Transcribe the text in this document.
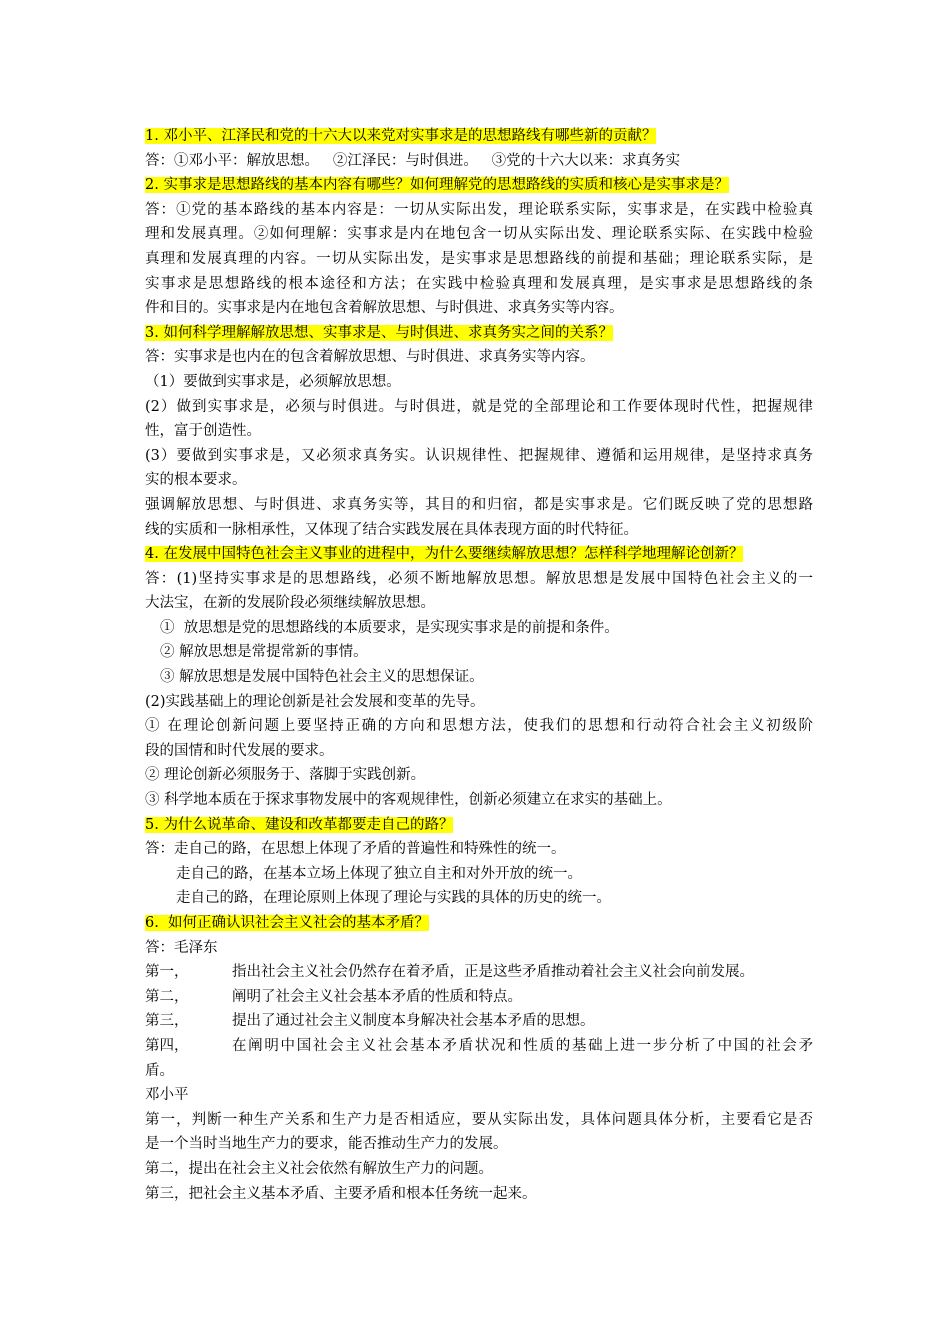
1. 邓小平、江泽民和党的十六大以来党对实事求是的思想路线有哪些新的贡献？
答：①邓小平：解放思想。   ②江泽民：与时俱进。   ③党的十六大以来：求真务实
2. 实事求是思想路线的基本内容有哪些？如何理解党的思想路线的实质和核心是实事求是？
答：①党的基本路线的基本内容是：一切从实际出发，理论联系实际，实事求是，在实践中检验真
理和发展真理。②如何理解：实事求是内在地包含一切从实际出发、理论联系实际、在实践中检验
真理和发展真理的内容。一切从实际出发，是实事求是思想路线的前提和基础；理论联系实际，是
实事求是思想路线的根本途径和方法；在实践中检验真理和发展真理，是实事求是思想路线的条
件和目的。实事求是内在地包含着解放思想、与时俱进、求真务实等内容。
3. 如何科学理解解放思想、实事求是、与时俱进、求真务实之间的关系？
答：实事求是也内在的包含着解放思想、与时俱进、求真务实等内容。
（1）要做到实事求是，必须解放思想。
(2）做到实事求是，必须与时俱进。与时俱进，就是党的全部理论和工作要体现时代性，把握规律
性，富于创造性。
(3）要做到实事求是，又必须求真务实。认识规律性、把握规律、遵循和运用规律，是坚持求真务
实的根本要求。
强调解放思想、与时俱进、求真务实等，其目的和归宿，都是实事求是。它们既反映了党的思想路
线的实质和一脉相承性，又体现了结合实践发展在具体表现方面的时代特征。
4. 在发展中国特色社会主义事业的进程中，为什么要继续解放思想？怎样科学地理解论创新？
答：(1)坚持实事求是的思想路线，必须不断地解放思想。解放思想是发展中国特色社会主义的一
大法宝，在新的发展阶段必须继续解放思想。
①  放思想是党的思想路线的本质要求，是实现实事求是的前提和条件。
② 解放思想是常提常新的事情。
③ 解放思想是发展中国特色社会主义的思想保证。
(2)实践基础上的理论创新是社会发展和变革的先导。
① 在理论创新问题上要坚持正确的方向和思想方法，使我们的思想和行动符合社会主义初级阶
段的国情和时代发展的要求。
② 理论创新必须服务于、落脚于实践创新。
③ 科学地本质在于探求事物发展中的客观规律性，创新必须建立在求实的基础上。
5. 为什么说革命、建设和改革都要走自己的路？
答：走自己的路，在思想上体现了矛盾的普遍性和特殊性的统一。
走自己的路，在基本立场上体现了独立自主和对外开放的统一。
走自己的路，在理论原则上体现了理论与实践的具体的历史的统一。
6.  如何正确认识社会主义社会的基本矛盾？
答：毛泽东
第一，	指出社会主义社会仍然存在着矛盾，正是这些矛盾推动着社会主义社会向前发展。
第二，	阐明了社会主义社会基本矛盾的性质和特点。
第三，	提出了通过社会主义制度本身解决社会基本矛盾的思想。
第四，	在阐明中国社会主义社会基本矛盾状况和性质的基础上进一步分析了中国的社会矛
盾。
邓小平
第一，判断一种生产关系和生产力是否相适应，要从实际出发，具体问题具体分析，主要看它是否
是一个当时当地生产力的要求，能否推动生产力的发展。
第二，提出在社会主义社会依然有解放生产力的问题。
第三，把社会主义基本矛盾、主要矛盾和根本任务统一起来。
